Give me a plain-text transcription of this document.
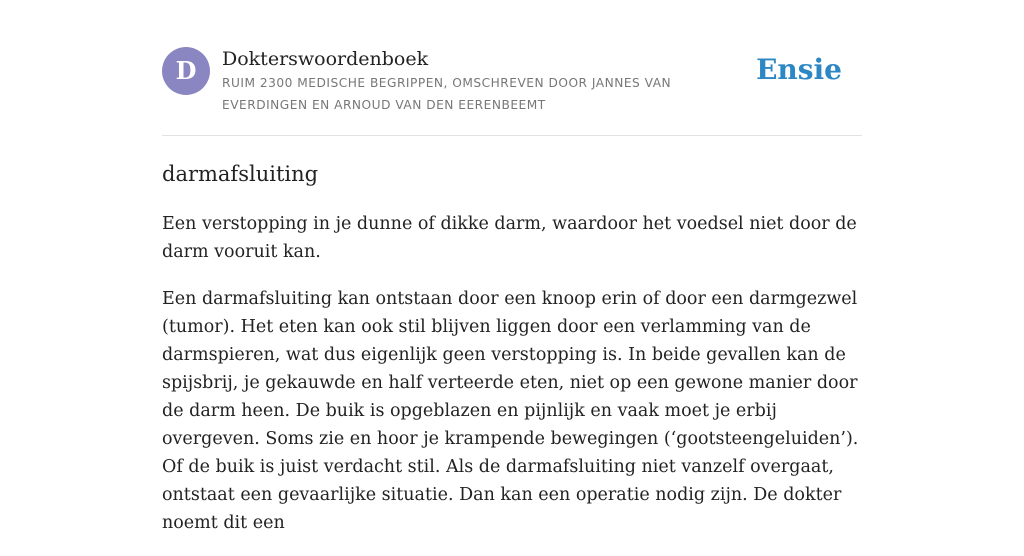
D	Dokterswoordenboek
RUIM 2300 MEDISCHE BEGRIPPEN, OMSCHREVEN DOOR JANNES VAN EVERDINGEN EN ARNOUD VAN DEN EERENBEEMT
Ensie
darmafsluiting

Een verstopping in je dunne of dikke darm, waardoor het voedsel niet door de darm vooruit kan.

Een darmafsluiting kan ontstaan door een knoop erin of door een darmgezwel (tumor). Het eten kan ook stil blijven liggen door een verlamming van de darmspieren, wat dus eigenlijk geen verstopping is. In beide gevallen kan de spijsbrij, je gekauwde en half verteerde eten, niet op een gewone manier door de darm heen. De buik is opgeblazen en pijnlijk en vaak moet je erbij overgeven. Soms zie en hoor je krampende bewegingen (‘gootsteengeluiden’). Of de buik is juist verdacht stil. Als de darmafsluiting niet vanzelf overgaat, ontstaat een gevaarlijke situatie. Dan kan een operatie nodig zijn. De dokter noemt dit een
